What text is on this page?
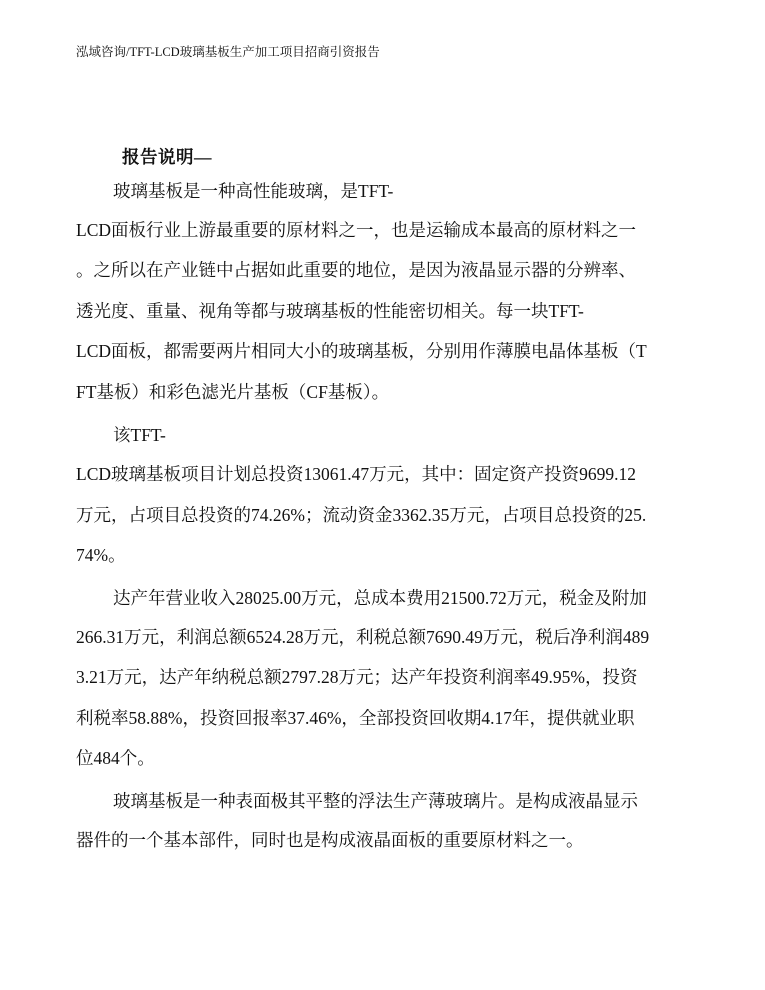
泓域咨询/TFT-LCD玻璃基板生产加工项目招商引资报告
报告说明—
玻璃基板是一种高性能玻璃，是TFT-
LCD面板行业上游最重要的原材料之一，也是运输成本最高的原材料之一
。之所以在产业链中占据如此重要的地位，是因为液晶显示器的分辨率、
透光度、重量、视角等都与玻璃基板的性能密切相关。每一块TFT-
LCD面板，都需要两片相同大小的玻璃基板，分别用作薄膜电晶体基板（T
FT基板）和彩色滤光片基板（CF基板）。
该TFT-
LCD玻璃基板项目计划总投资13061.47万元，其中：固定资产投资9699.12
万元，占项目总投资的74.26%；流动资金3362.35万元，占项目总投资的25.
74%。
达产年营业收入28025.00万元，总成本费用21500.72万元，税金及附加
266.31万元，利润总额6524.28万元，利税总额7690.49万元，税后净利润489
3.21万元，达产年纳税总额2797.28万元；达产年投资利润率49.95%，投资
利税率58.88%，投资回报率37.46%，全部投资回收期4.17年，提供就业职
位484个。
玻璃基板是一种表面极其平整的浮法生产薄玻璃片。是构成液晶显示
器件的一个基本部件，同时也是构成液晶面板的重要原材料之一。
